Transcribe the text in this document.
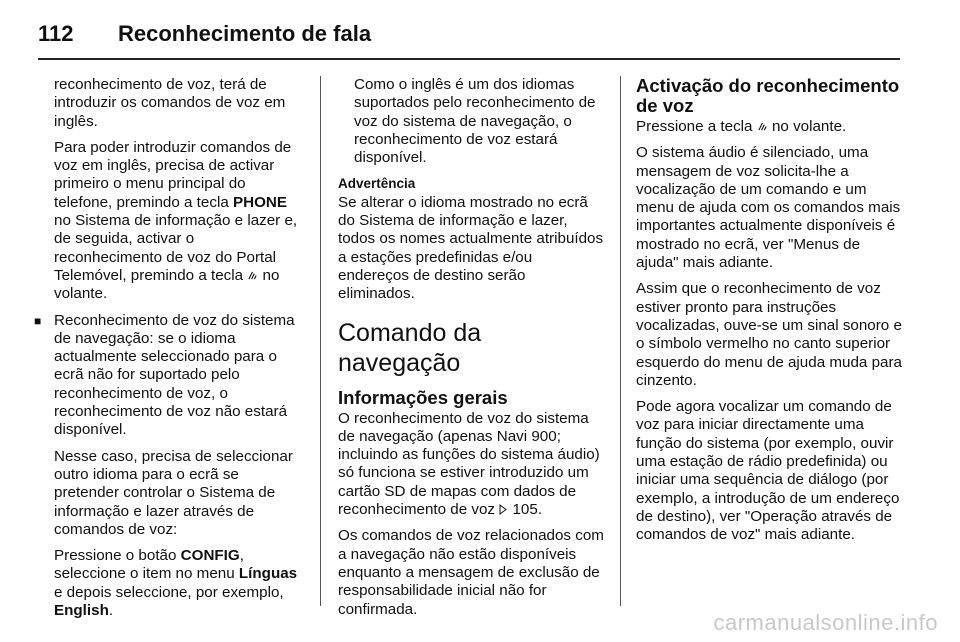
112	Reconhecimento de fala

reconhecimento de voz, terá de introduzir os comandos de voz em inglês.

Para poder introduzir comandos de voz em inglês, precisa de activar primeiro o menu principal do telefone, premindo a tecla PHONE no Sistema de informação e lazer e, de seguida, activar o reconhecimento de voz do Portal Telemóvel, premindo a tecla  no volante.

■ Reconhecimento de voz do sistema de navegação: se o idioma actualmente seleccionado para o ecrã não for suportado pelo reconhecimento de voz, o reconhecimento de voz não estará disponível.

Nesse caso, precisa de seleccionar outro idioma para o ecrã se pretender controlar o Sistema de informação e lazer através de comandos de voz:

Pressione o botão CONFIG, seleccione o item no menu Línguas e depois seleccione, por exemplo, English.

Como o inglês é um dos idiomas suportados pelo reconhecimento de voz do sistema de navegação, o reconhecimento de voz estará disponível.

Advertência
Se alterar o idioma mostrado no ecrã do Sistema de informação e lazer, todos os nomes actualmente atribuídos a estações predefinidas e/ou endereços de destino serão eliminados.
Comando da navegação
Informações gerais

O reconhecimento de voz do sistema de navegação (apenas Navi 900; incluindo as funções do sistema áudio) só funciona se estiver introduzido um cartão SD de mapas com dados de reconhecimento de voz  105.

Os comandos de voz relacionados com a navegação não estão disponíveis enquanto a mensagem de exclusão de responsabilidade inicial não for confirmada.

Activação do reconhecimento de voz

Pressione a tecla  no volante.

O sistema áudio é silenciado, uma mensagem de voz solicita-lhe a vocalização de um comando e um menu de ajuda com os comandos mais importantes actualmente disponíveis é mostrado no ecrã, ver "Menus de ajuda" mais adiante.

Assim que o reconhecimento de voz estiver pronto para instruções vocalizadas, ouve-se um sinal sonoro e o símbolo vermelho no canto superior esquerdo do menu de ajuda muda para cinzento.

Pode agora vocalizar um comando de voz para iniciar directamente uma função do sistema (por exemplo, ouvir uma estação de rádio predefinida) ou iniciar uma sequência de diálogo (por exemplo, a introdução de um endereço de destino), ver "Operação através de comandos de voz" mais adiante.

carmanualsonline.info
